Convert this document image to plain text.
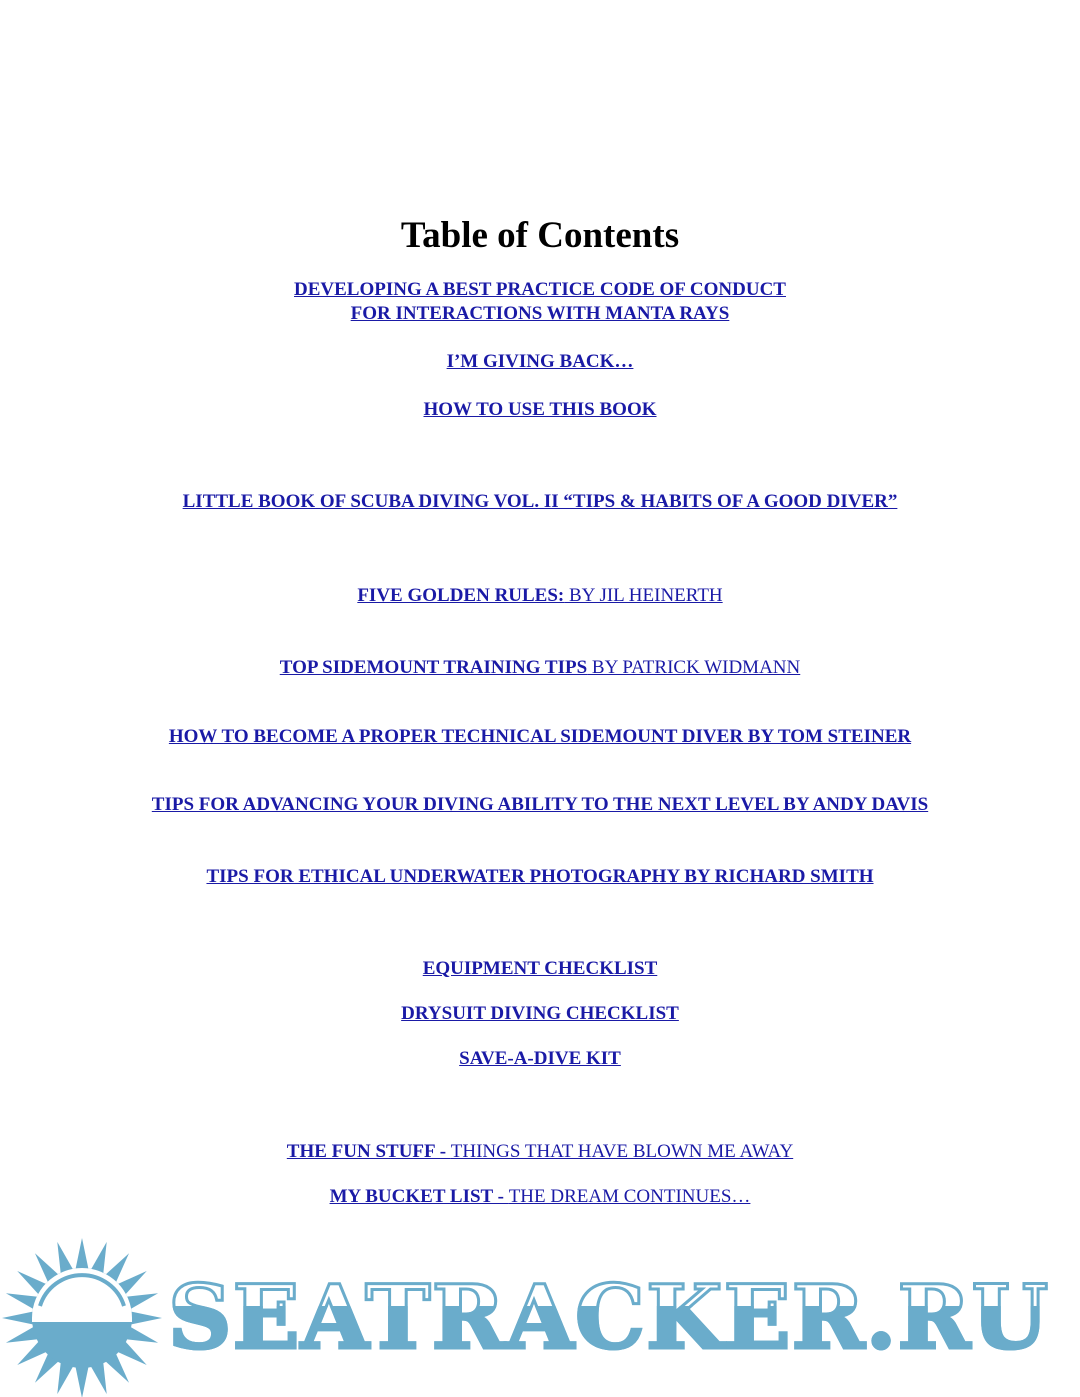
Table of Contents
DEVELOPING A BEST PRACTICE CODE OF CONDUCT
FOR INTERACTIONS WITH MANTA RAYS
I’M GIVING BACK…
HOW TO USE THIS BOOK
LITTLE BOOK OF SCUBA DIVING VOL. II “TIPS & HABITS OF A GOOD DIVER”
FIVE GOLDEN RULES: BY JIL HEINERTH
TOP SIDEMOUNT TRAINING TIPS BY PATRICK WIDMANN
HOW TO BECOME A PROPER TECHNICAL SIDEMOUNT DIVER BY TOM STEINER
TIPS FOR ADVANCING YOUR DIVING ABILITY TO THE NEXT LEVEL BY ANDY DAVIS
TIPS FOR ETHICAL UNDERWATER PHOTOGRAPHY BY RICHARD SMITH
EQUIPMENT CHECKLIST
DRYSUIT DIVING CHECKLIST
SAVE-A-DIVE KIT
THE FUN STUFF - THINGS THAT HAVE BLOWN ME AWAY
MY BUCKET LIST - THE DREAM CONTINUES…
SEATRACKER.RU
